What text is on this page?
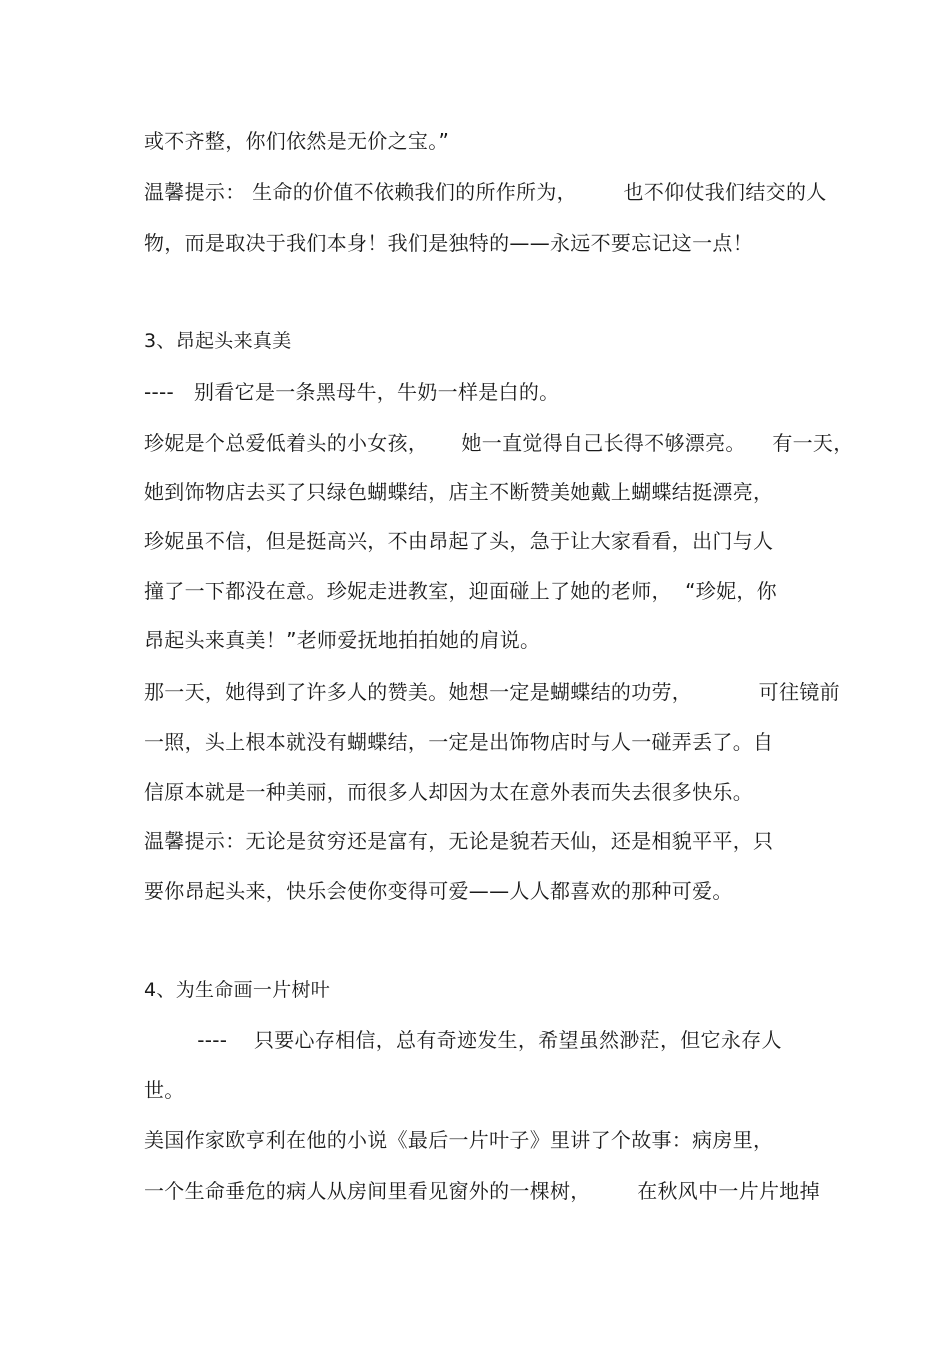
或不齐整，你们依然是无价之宝。”
温馨提示： 生命的价值不依赖我们的所作所为，       也不仰仗我们结交的人
物，而是取决于我们本身！我们是独特的——永远不要忘记这一点！
3、昂起头来真美
----   别看它是一条黑母牛，牛奶一样是白的。
珍妮是个总爱低着头的小女孩，     她一直觉得自己长得不够漂亮。    有一天，
她到饰物店去买了只绿色蝴蝶结，店主不断赞美她戴上蝴蝶结挺漂亮，
珍妮虽不信，但是挺高兴，不由昂起了头，急于让大家看看，出门与人
撞了一下都没在意。珍妮走进教室，迎面碰上了她的老师，  “珍妮，你
昂起头来真美！”老师爱抚地拍拍她的肩说。
那一天，她得到了许多人的赞美。她想一定是蝴蝶结的功劳，          可往镜前
一照，头上根本就没有蝴蝶结，一定是出饰物店时与人一碰弄丢了。自
信原本就是一种美丽，而很多人却因为太在意外表而失去很多快乐。
温馨提示：无论是贫穷还是富有，无论是貌若天仙，还是相貌平平，只
要你昂起头来，快乐会使你变得可爱——人人都喜欢的那种可爱。
4、为生命画一片树叶
----    只要心存相信，总有奇迹发生，希望虽然渺茫，但它永存人
世。
美国作家欧亨利在他的小说《最后一片叶子》里讲了个故事：病房里，
一个生命垂危的病人从房间里看见窗外的一棵树，       在秋风中一片片地掉
